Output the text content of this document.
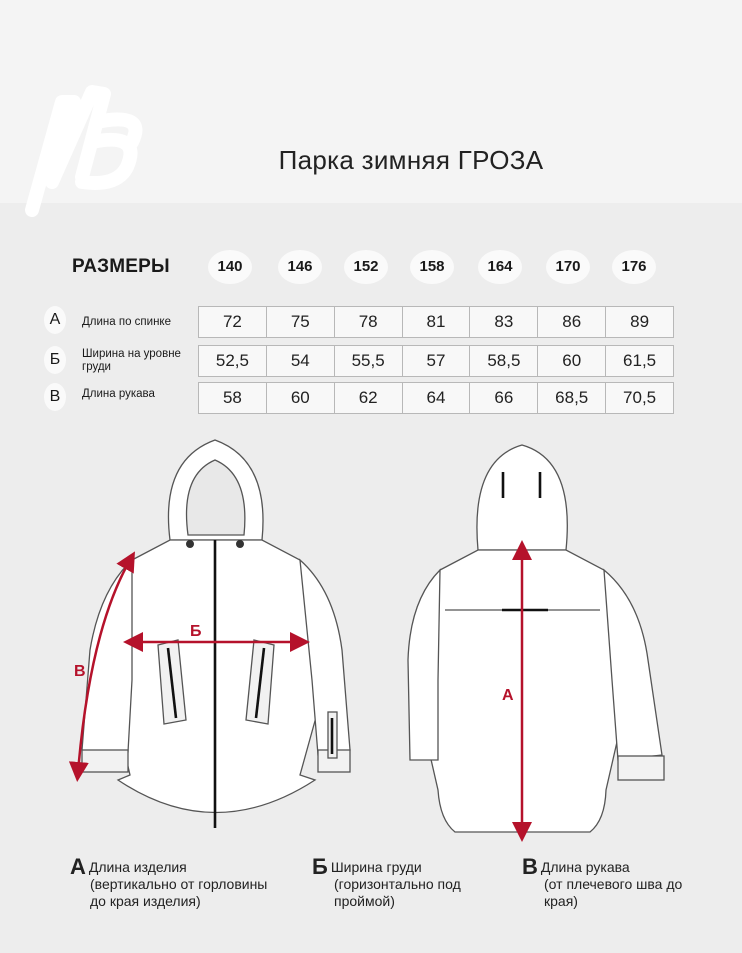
Парка зимняя ГРОЗА
РАЗМЕРЫ	140	146	152	158	164	170	176
А	Длина по спинке	72	75	78	81	83	86	89
Б	Ширина на уровне груди	52,5	54	55,5	57	58,5	60	61,5
В	Длина рукава	58	60	62	64	66	68,5	70,5
Б
В
А
А Длина изделия
(вертикально от горловины
до края изделия)
Б Ширина груди
(горизонтально под
проймой)
В Длина рукава
(от плечевого шва до
края)
